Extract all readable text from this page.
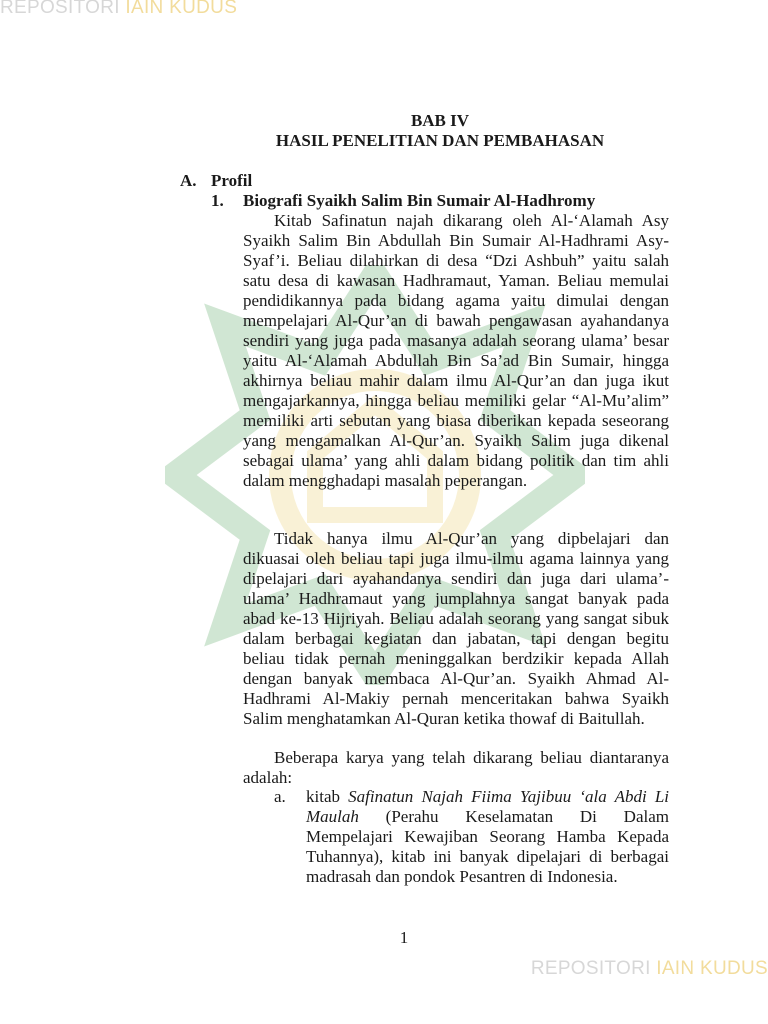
REPOSITORI IAIN KUDUS
BAB IV
HASIL PENELITIAN DAN PEMBAHASAN
A. Profil
1. Biografi Syaikh Salim Bin Sumair Al-Hadhromy
Kitab Safinatun najah dikarang oleh Al-‘Alamah Asy Syaikh Salim Bin Abdullah Bin Sumair Al-Hadhrami Asy-Syaf’i. Beliau dilahirkan di desa “Dzi Ashbuh” yaitu salah satu desa di kawasan Hadhramaut, Yaman. Beliau memulai pendidikannya pada bidang agama yaitu dimulai dengan mempelajari Al-Qur’an di bawah pengawasan ayahandanya sendiri yang juga pada masanya adalah seorang ulama’ besar yaitu Al-‘Alamah Abdullah Bin Sa’ad Bin Sumair, hingga akhirnya beliau mahir dalam ilmu Al-Qur’an dan juga ikut mengajarkannya, hingga beliau memiliki gelar “Al-Mu’alim” memiliki arti sebutan yang biasa diberikan kepada seseorang yang mengamalkan Al-Qur’an. Syaikh Salim juga dikenal sebagai ulama’ yang ahli dalam bidang politik dan tim ahli dalam mengghadapi masalah peperangan.
Tidak hanya ilmu Al-Qur’an yang dipbelajari dan dikuasai oleh beliau tapi juga ilmu-ilmu agama lainnya yang dipelajari dari ayahandanya sendiri dan juga dari ulama’-ulama’ Hadhramaut yang jumplahnya sangat banyak pada abad ke-13 Hijriyah. Beliau adalah seorang yang sangat sibuk dalam berbagai kegiatan dan jabatan, tapi dengan begitu beliau tidak pernah meninggalkan berdzikir kepada Allah dengan banyak membaca Al-Qur’an. Syaikh Ahmad Al-Hadhrami Al-Makiy pernah menceritakan bahwa Syaikh Salim menghatamkan Al-Quran ketika thowaf di Baitullah.
Beberapa karya yang telah dikarang beliau diantaranya adalah:
a. kitab Safinatun Najah Fiima Yajibuu ‘ala Abdi Li Maulah (Perahu Keselamatan Di Dalam Mempelajari Kewajiban Seorang Hamba Kepada Tuhannya), kitab ini banyak dipelajari di berbagai madrasah dan pondok Pesantren di Indonesia.
1
REPOSITORI IAIN KUDUS
